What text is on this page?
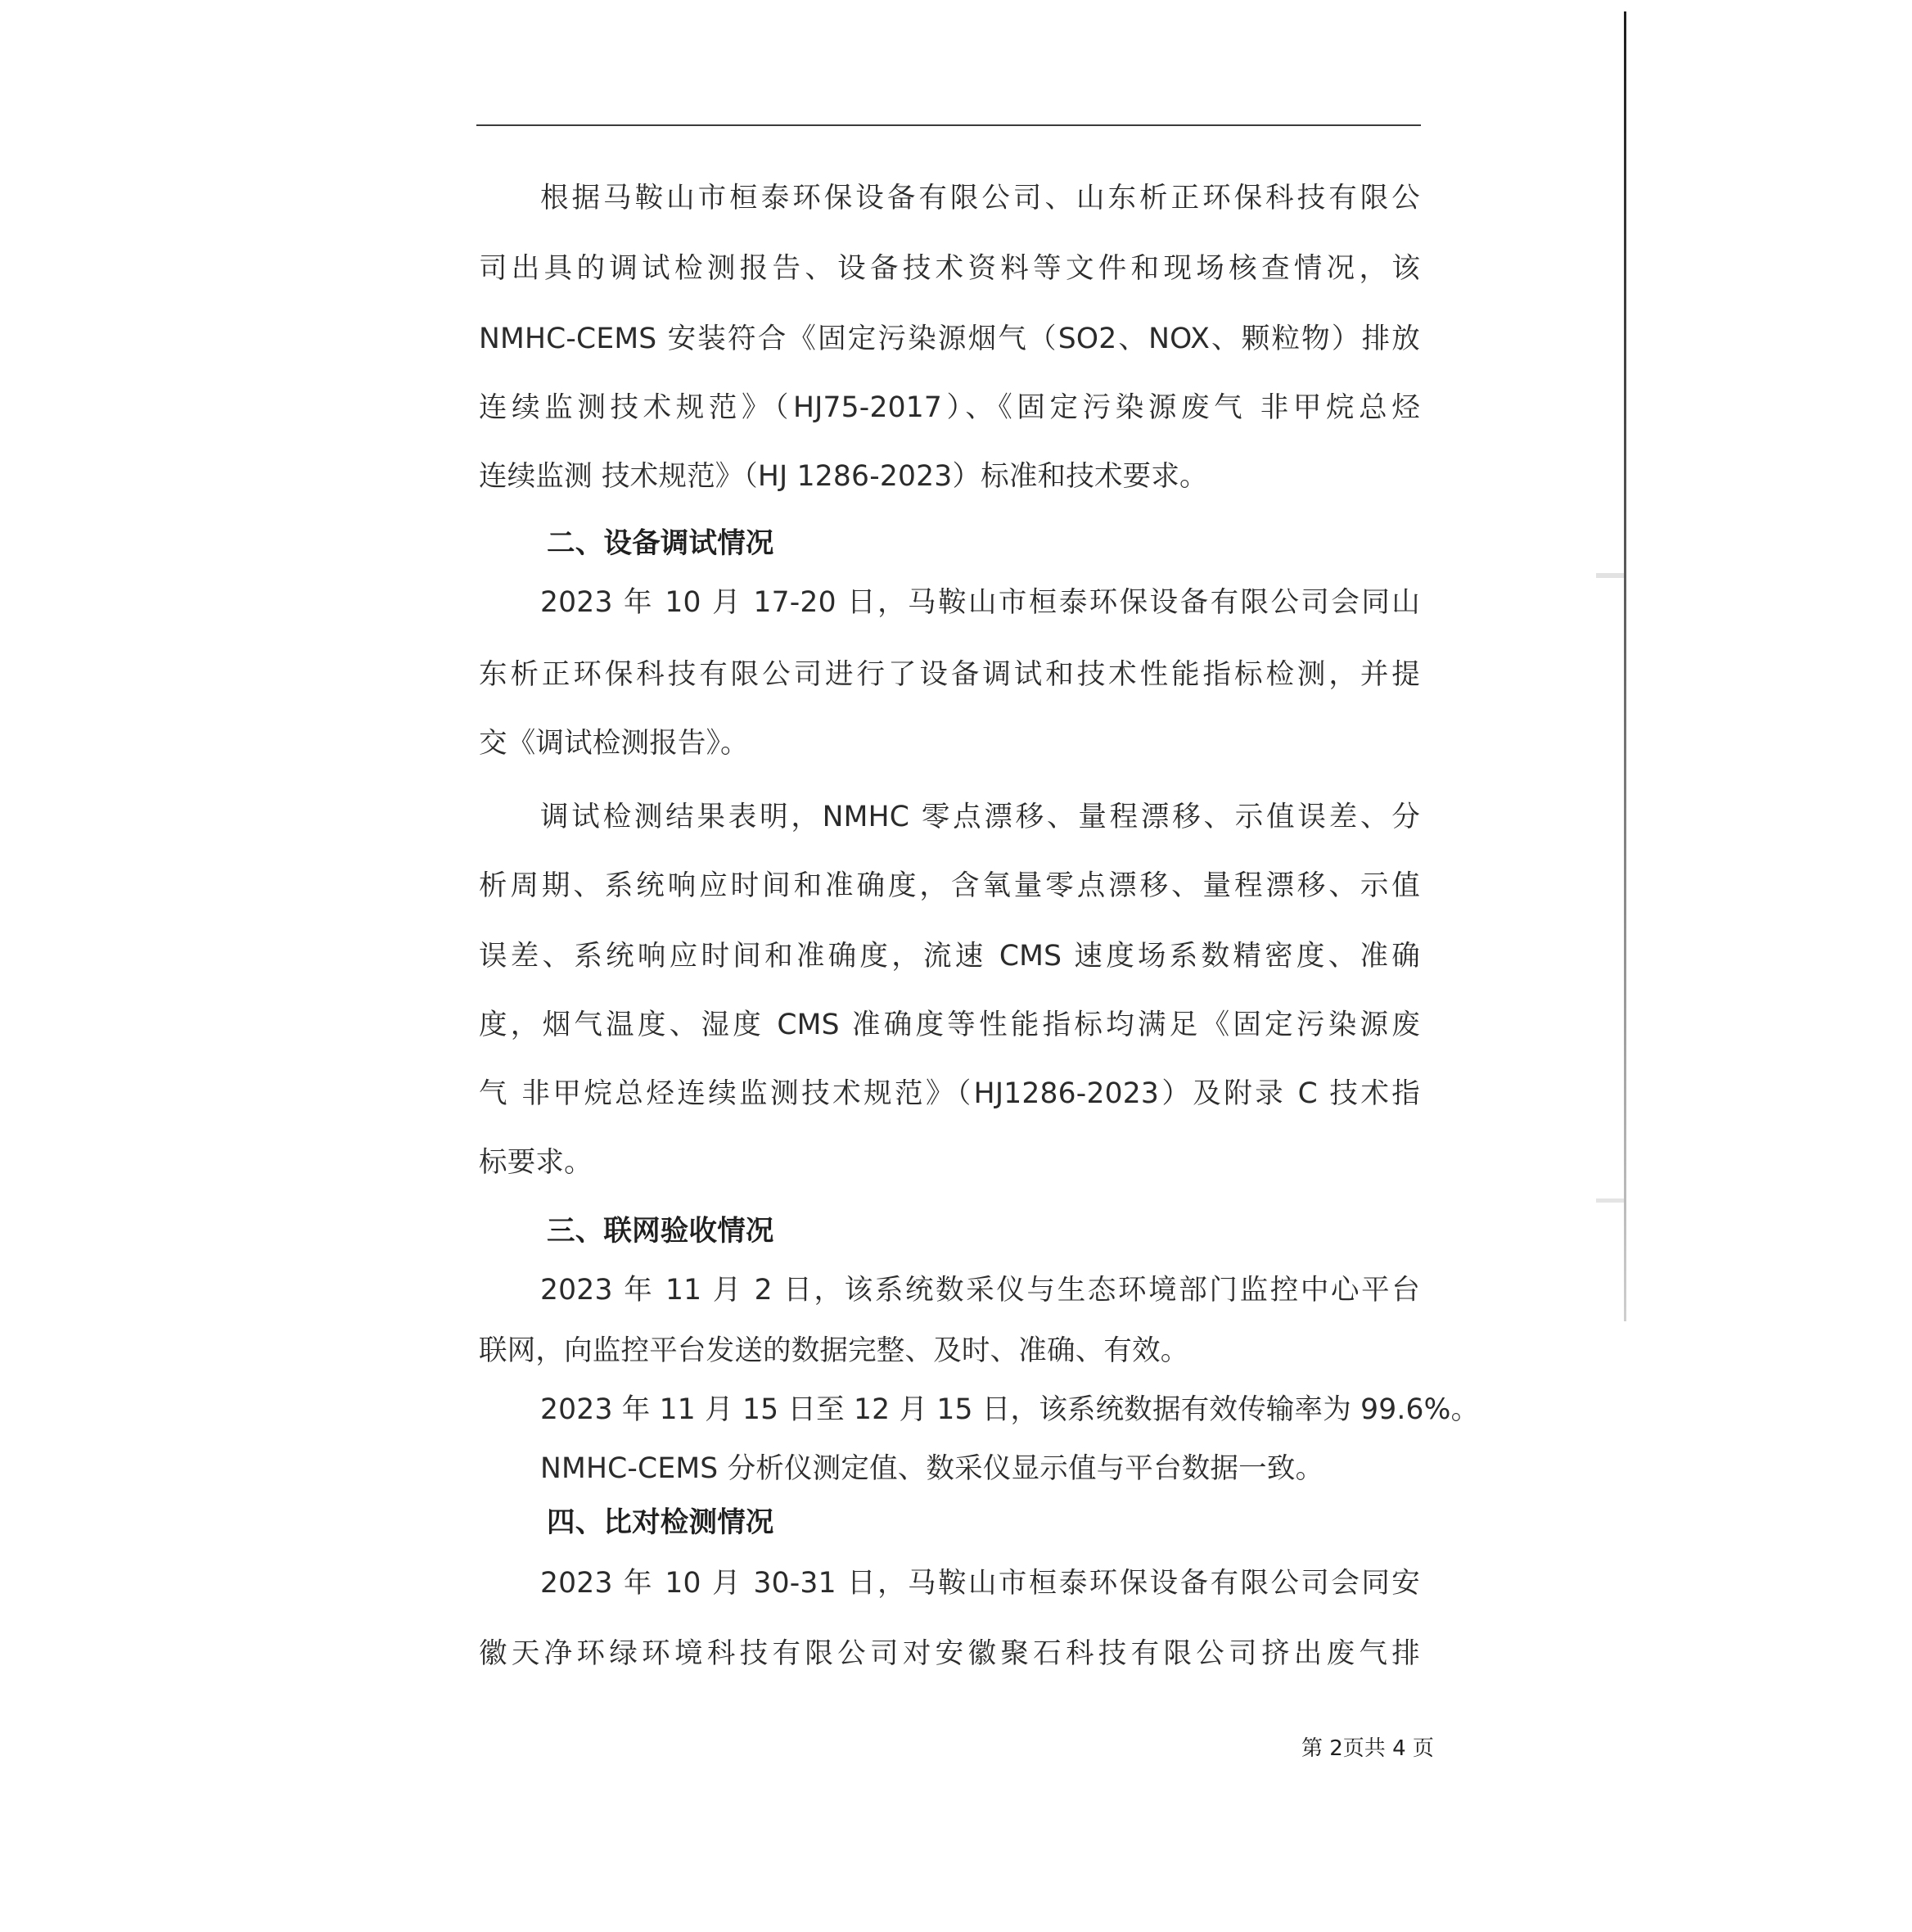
根据马鞍山市桓泰环保设备有限公司、山东析正环保科技有限公
司出具的调试检测报告、设备技术资料等文件和现场核查情况，该
NMHC-CEMS 安装符合《固定污染源烟气（SO2、NOX、颗粒物）排放
连续监测技术规范》（HJ75-2017）、《固定污染源废气 非甲烷总烃
连续监测 技术规范》（HJ 1286-2023）标准和技术要求。
二、设备调试情况
2023 年 10 月 17-20 日，马鞍山市桓泰环保设备有限公司会同山
东析正环保科技有限公司进行了设备调试和技术性能指标检测，并提
交《调试检测报告》。
调试检测结果表明，NMHC 零点漂移、量程漂移、示值误差、分
析周期、系统响应时间和准确度，含氧量零点漂移、量程漂移、示值
误差、系统响应时间和准确度，流速 CMS 速度场系数精密度、准确
度，烟气温度、湿度 CMS 准确度等性能指标均满足《固定污染源废
气 非甲烷总烃连续监测技术规范》（HJ1286-2023）及附录 C 技术指
标要求。
三、联网验收情况
2023 年 11 月 2 日，该系统数采仪与生态环境部门监控中心平台
联网，向监控平台发送的数据完整、及时、准确、有效。
2023 年 11 月 15 日至 12 月 15 日，该系统数据有效传输率为 99.6%。
NMHC-CEMS 分析仪测定值、数采仪显示值与平台数据一致。
四、比对检测情况
2023 年 10 月 30-31 日，马鞍山市桓泰环保设备有限公司会同安
徽天净环绿环境科技有限公司对安徽聚石科技有限公司挤出废气排
第 2页共 4 页
